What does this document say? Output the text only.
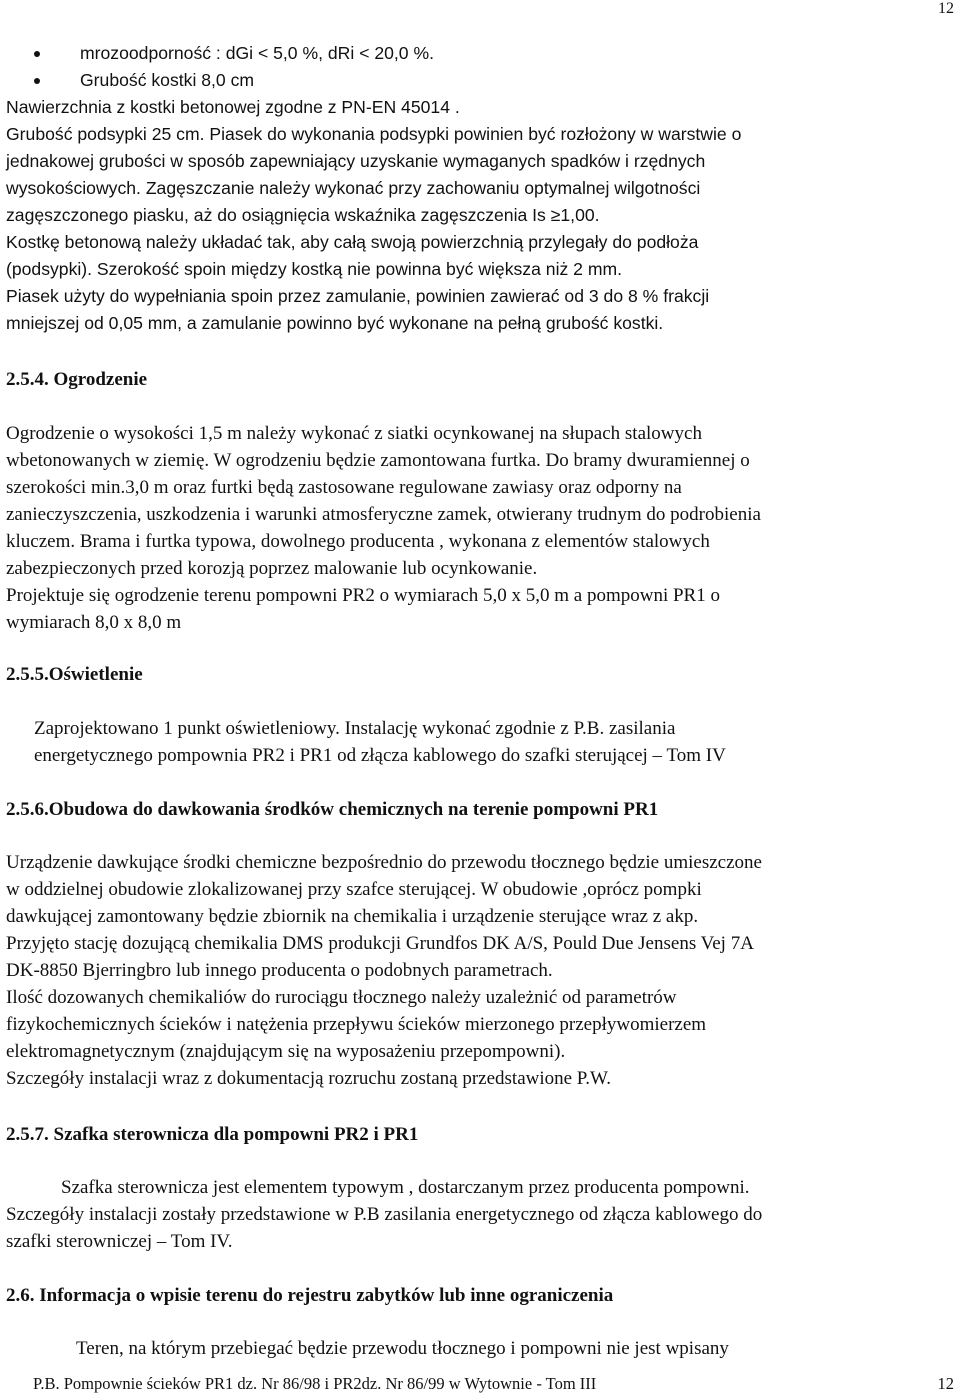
12
mrozoodporność : dGi < 5,0 %, dRi < 20,0 %.
Grubość kostki 8,0 cm
Nawierzchnia z kostki betonowej zgodne z PN-EN 45014 .
Grubość podsypki 25 cm. Piasek do wykonania podsypki powinien być rozłożony w warstwie o
jednakowej grubości w sposób zapewniający uzyskanie wymaganych spadków i rzędnych
wysokościowych. Zagęszczanie należy wykonać przy zachowaniu optymalnej wilgotności
zagęszczonego piasku, aż do osiągnięcia wskaźnika zagęszczenia Is ≥1,00.
Kostkę betonową należy układać tak, aby całą swoją powierzchnią przylegały do podłoża
(podsypki). Szerokość spoin między kostką nie powinna być większa niż 2 mm.
Piasek użyty do wypełniania spoin przez zamulanie, powinien zawierać od 3 do 8 % frakcji
mniejszej od 0,05 mm, a zamulanie powinno być wykonane na pełną grubość kostki.
2.5.4. Ogrodzenie
Ogrodzenie o wysokości 1,5 m należy wykonać z siatki ocynkowanej na słupach stalowych
wbetonowanych w ziemię. W ogrodzeniu będzie zamontowana furtka. Do bramy dwuramiennej o
szerokości min.3,0 m oraz furtki będą zastosowane regulowane zawiasy oraz odporny na
zanieczyszczenia, uszkodzenia i warunki atmosferyczne zamek, otwierany trudnym do podrobienia
kluczem. Brama i furtka typowa, dowolnego producenta , wykonana z elementów stalowych
zabezpieczonych przed korozją poprzez malowanie lub ocynkowanie.
Projektuje się ogrodzenie terenu pompowni PR2 o wymiarach 5,0 x 5,0 m a pompowni PR1 o
wymiarach 8,0 x 8,0 m
2.5.5.Oświetlenie
Zaprojektowano 1 punkt oświetleniowy. Instalację wykonać zgodnie z P.B. zasilania
energetycznego pompownia PR2 i PR1 od złącza kablowego do szafki sterującej – Tom IV
2.5.6.Obudowa do dawkowania środków chemicznych na terenie pompowni PR1
Urządzenie dawkujące środki chemiczne bezpośrednio do przewodu tłocznego będzie umieszczone
w oddzielnej obudowie zlokalizowanej przy szafce sterującej. W obudowie ,oprócz pompki
dawkującej zamontowany będzie zbiornik na chemikalia i urządzenie sterujące wraz z akp.
Przyjęto stację dozującą chemikalia DMS produkcji Grundfos DK A/S, Pould Due Jensens Vej 7A
DK-8850 Bjerringbro lub innego producenta o podobnych parametrach.
Ilość dozowanych chemikaliów do rurociągu tłocznego należy uzależnić od parametrów
fizykochemicznych ścieków i natężenia przepływu ścieków mierzonego przepływomierzem
elektromagnetycznym (znajdującym się na wyposażeniu przepompowni).
Szczegóły instalacji wraz z dokumentacją rozruchu zostaną przedstawione P.W.
2.5.7. Szafka sterownicza dla pompowni PR2 i PR1
Szafka sterownicza jest elementem typowym , dostarczanym przez producenta pompowni.
Szczegóły instalacji zostały przedstawione w P.B zasilania energetycznego od złącza kablowego do
szafki sterowniczej – Tom IV.
2.6. Informacja o wpisie terenu do rejestru zabytków lub inne ograniczenia
Teren, na którym przebiegać będzie przewodu tłocznego i pompowni nie jest wpisany
P.B. Pompownie ścieków PR1 dz. Nr 86/98 i PR2dz. Nr 86/99 w Wytownie - Tom III	12
